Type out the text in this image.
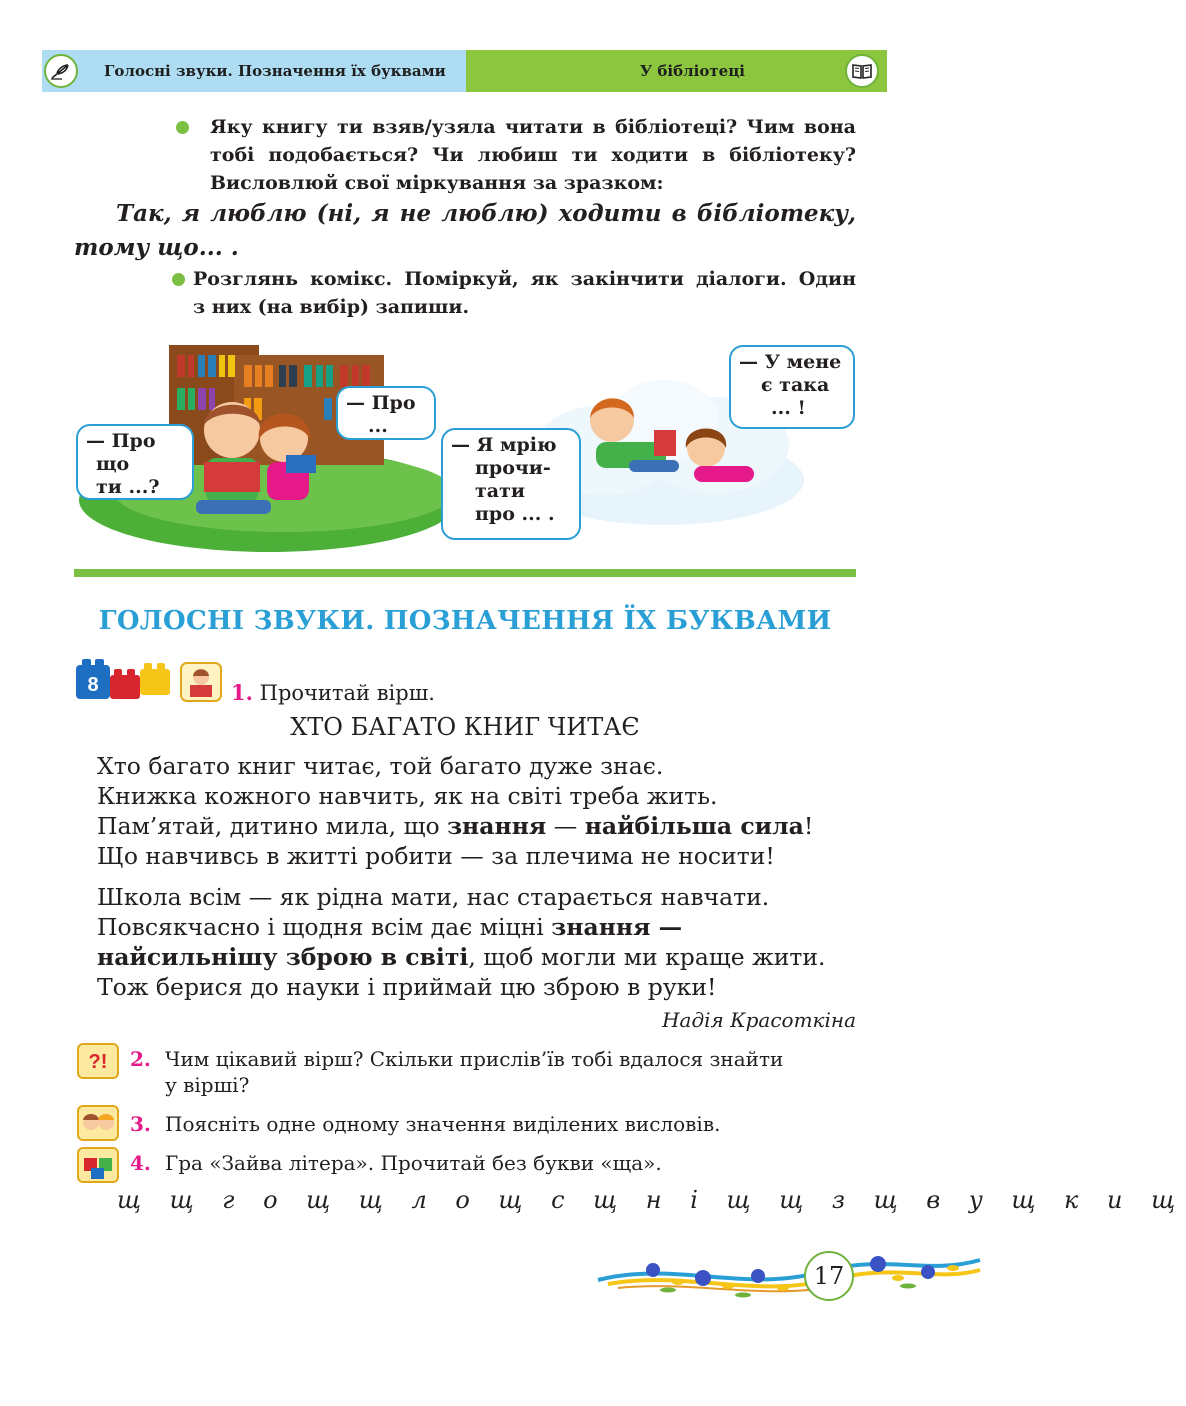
Голосні звуки. Позначення їх буквами	У бібліотеці
Яку книгу ти взяв/узяла читати в бібліотеці? Чим вона
тобі подобається? Чи любиш ти ходити в бібліотеку?
Висловлюй свої міркування за зразком:
Так, я люблю (ні, я не люблю) ходити в бібліотеку,
тому що... .
Розглянь комікс. Поміркуй, як закінчити діалоги. Один
з них (на вибір) запиши.
— Про
що
ти ...?
— Про
...
— Я мрію
прочи-
тати
про ... .
— У мене
є така
... !
ГОЛОСНІ ЗВУКИ. ПОЗНАЧЕННЯ ЇХ БУКВАМИ
8	1. Прочитай вірш.
ХТО БАГАТО КНИГ ЧИТАЄ
Хто багато книг читає, той багато дуже знає.
Книжка кожного навчить, як на світі треба жить.
Пам’ятай, дитино мила, що знання — найбільша сила!
Що навчивсь в житті робити — за плечима не носити!
Школа всім — як рідна мати, нас старається навчати.
Повсякчасно і щодня всім дає міцні знання —
найсильнішу зброю в світі, щоб могли ми краще жити.
Тож берися до науки і приймай цю зброю в руки!
Надія Красоткіна
?! 2. Чим цікавий вірш? Скільки прислів’їв тобі вдалося знайти
у вірші?
3. Поясніть одне одному значення виділених висловів.
4. Гра «Зайва літера». Прочитай без букви «ща».
щ щ г о щ щ л о щ с щ н і щ щ з щ в у щ к и щ
17
